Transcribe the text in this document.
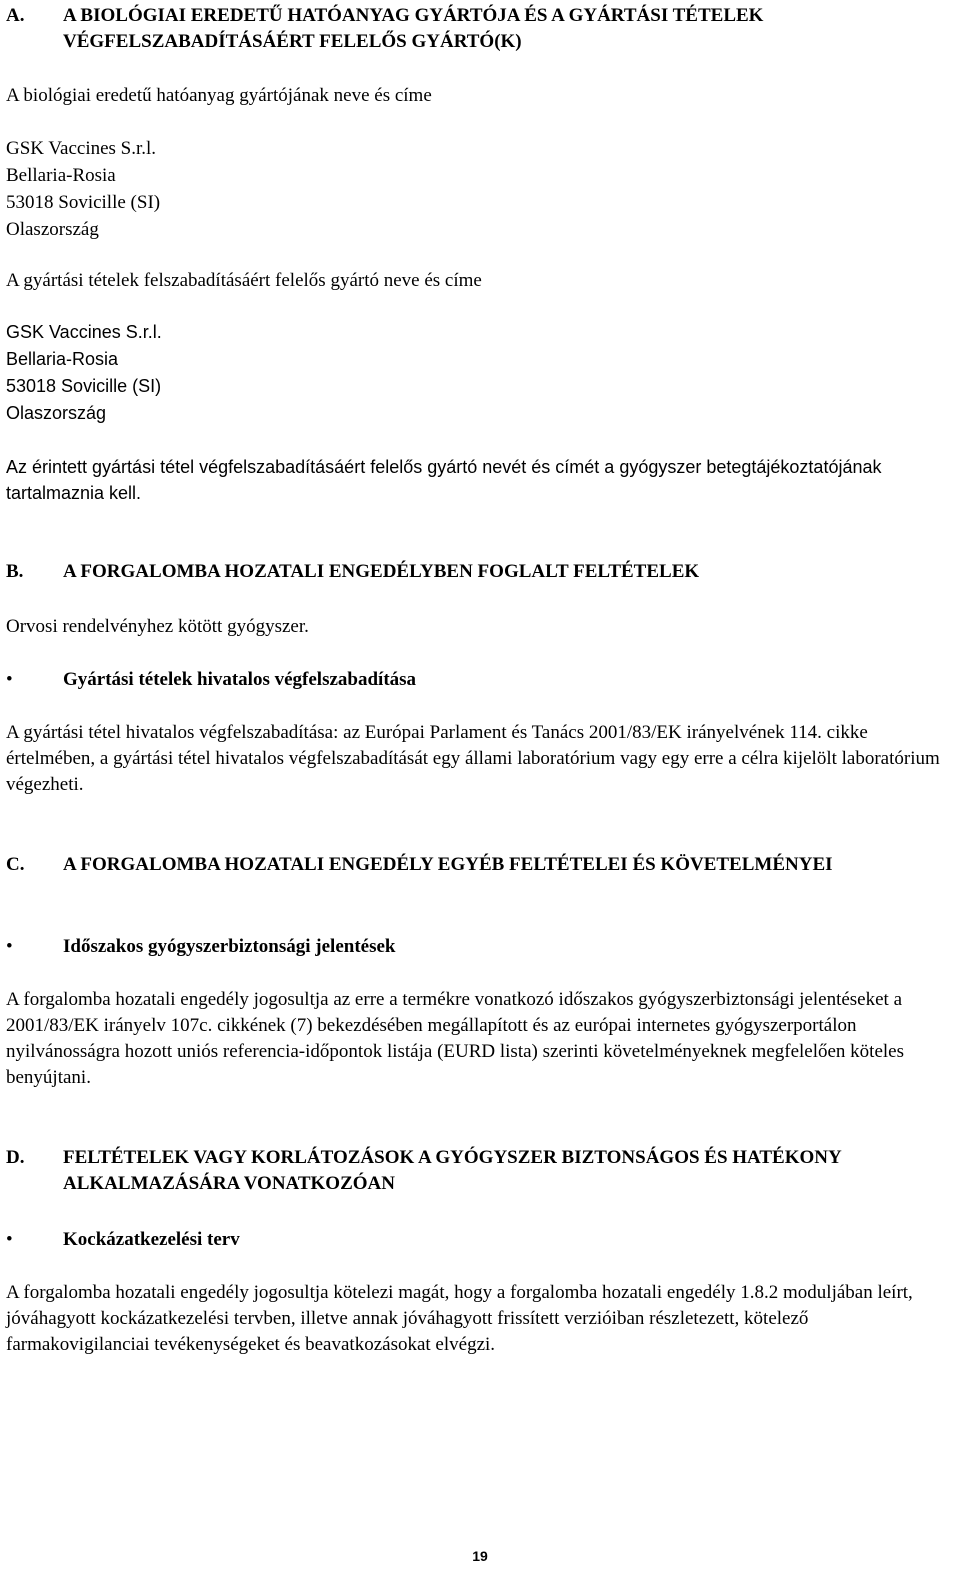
A. A BIOLÓGIAI EREDETŰ HATÓANYAG GYÁRTÓJA ÉS A GYÁRTÁSI TÉTELEK VÉGFELSZABADÍTÁSÁÉRT FELELŐS GYÁRTÓ(K)
A biológiai eredetű hatóanyag gyártójának neve és címe
GSK Vaccines S.r.l.
Bellaria-Rosia
53018 Sovicille (SI)
Olaszország
A gyártási tételek felszabadításáért felelős gyártó neve és címe
GSK Vaccines S.r.l.
Bellaria-Rosia
53018 Sovicille (SI)
Olaszország
Az érintett gyártási tétel végfelszabadításáért felelős gyártó nevét és címét a gyógyszer betegtájékoztatójának tartalmaznia kell.
B. A FORGALOMBA HOZATALI ENGEDÉLYBEN FOGLALT FELTÉTELEK
Orvosi rendelvényhez kötött gyógyszer.
•	Gyártási tételek hivatalos végfelszabadítása
A gyártási tétel hivatalos végfelszabadítása: az Európai Parlament és Tanács 2001/83/EK irányelvének 114. cikke értelmében, a gyártási tétel hivatalos végfelszabadítását egy állami laboratórium vagy egy erre a célra kijelölt laboratórium végezheti.
C. A FORGALOMBA HOZATALI ENGEDÉLY EGYÉB FELTÉTELEI ÉS KÖVETELMÉNYEI
•	Időszakos gyógyszerbiztonsági jelentések
A forgalomba hozatali engedély jogosultja az erre a termékre vonatkozó időszakos gyógyszerbiztonsági jelentéseket a 2001/83/EK irányelv 107c. cikkének (7) bekezdésében megállapított és az európai internetes gyógyszerportálon nyilvánosságra hozott uniós referencia-időpontok listája (EURD lista) szerinti követelményeknek megfelelően köteles benyújtani.
D. FELTÉTELEK VAGY KORLÁTOZÁSOK A GYÓGYSZER BIZTONSÁGOS ÉS HATÉKONY ALKALMAZÁSÁRA VONATKOZÓAN
•	Kockázatkezelési terv
A forgalomba hozatali engedély jogosultja kötelezi magát, hogy a forgalomba hozatali engedély 1.8.2 moduljában leírt, jóváhagyott kockázatkezelési tervben, illetve annak jóváhagyott frissített verzióiban részletezett, kötelező farmakovigilanciai tevékenységeket és beavatkozásokat elvégzi.
19
